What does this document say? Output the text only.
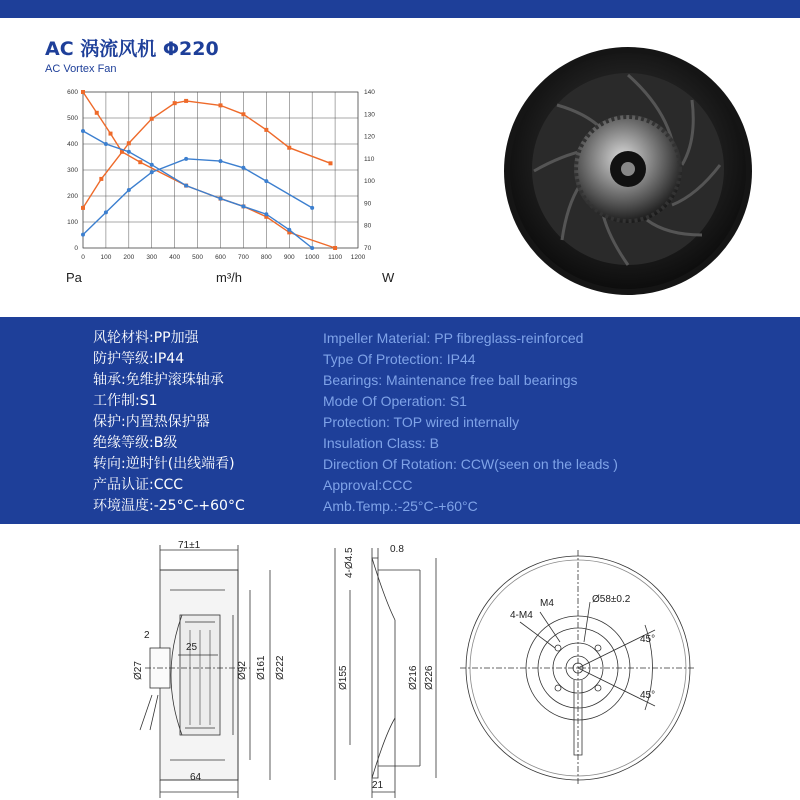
AC 涡流风机 Φ220
AC Vortex Fan
0 100 200 300 400 500 600 700 800 900 1000 1100 1200
0
100
200
300
400
500
600
70
80
90
100
110
120
130
140
Pa	m³/h	W
风轮材料:PP加强	Impeller Material: PP fibreglass-reinforced
防护等级:IP44	Type Of Protection: IP44
轴承:免维护滚珠轴承	Bearings: Maintenance free ball bearings
工作制:S1	Mode Of Operation: S1
保护:内置热保护器	Protection: TOP wired internally
绝缘等级:B级	Insulation Class: B
转向:逆时针(出线端看)	Direction Of Rotation: CCW(seen on the leads )
产品认证:CCC	Approval:CCC
环境温度:-25°C-+60°C	Amb.Temp.:-25°C-+60°C
71±1
2
25
64
Ø27	Ø92 Ø161 Ø222
4-Ø4.5	0.8
Ø155	Ø216 Ø226
21
Ø58±0.2
M4
4-M4
45°
45°
